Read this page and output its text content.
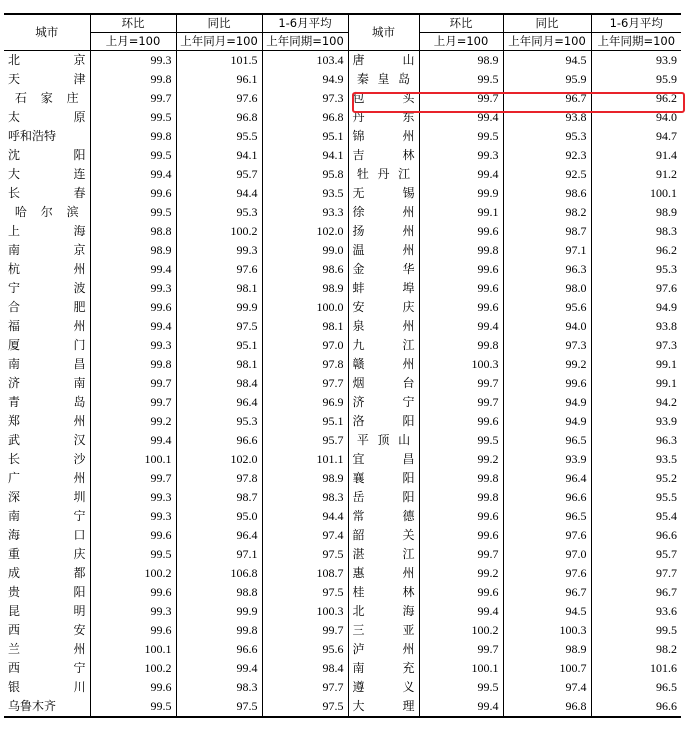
城市	环比	同比	1-6月平均	城市	环比	同比	1-6月平均
	上月=100	上年同月=100	上年同期=100		上月=100	上年同月=100	上年同期=100

北 京	99.3	101.5	103.4	唐 山	98.9	94.5	93.9

天 津	99.8	96.1	94.9	秦 皇 岛	99.5	95.9	95.9

石 家 庄	99.7	97.6	97.3	包 头	99.7	96.7	96.2

太 原	99.5	96.8	96.8	丹 东	99.4	93.8	94.0

呼和浩特	99.8	95.5	95.1	锦 州	99.5	95.3	94.7

沈 阳	99.5	94.1	94.1	吉 林	99.3	92.3	91.4

大 连	99.4	95.7	95.8	牡 丹 江	99.4	92.5	91.2

长 春	99.6	94.4	93.5	无 锡	99.9	98.6	100.1

哈 尔 滨	99.5	95.3	93.3	徐 州	99.1	98.2	98.9

上 海	98.8	100.2	102.0	扬 州	99.6	98.7	98.3

南 京	98.9	99.3	99.0	温 州	99.8	97.1	96.2

杭 州	99.4	97.6	98.6	金 华	99.6	96.3	95.3

宁 波	99.3	98.1	98.9	蚌 埠	99.6	98.0	97.6

合 肥	99.6	99.9	100.0	安 庆	99.6	95.6	94.9

福 州	99.4	97.5	98.1	泉 州	99.4	94.0	93.8

厦 门	99.3	95.1	97.0	九 江	99.8	97.3	97.3

南 昌	99.8	98.1	97.8	赣 州	100.3	99.2	99.1

济 南	99.7	98.4	97.7	烟 台	99.7	99.6	99.1

青 岛	99.7	96.4	96.9	济 宁	99.7	94.9	94.2

郑 州	99.2	95.3	95.1	洛 阳	99.6	94.9	93.9

武 汉	99.4	96.6	95.7	平 顶 山	99.5	96.5	96.3

长 沙	100.1	102.0	101.1	宜 昌	99.2	93.9	93.5

广 州	99.7	97.8	98.9	襄 阳	99.8	96.4	95.2

深 圳	99.3	98.7	98.3	岳 阳	99.8	96.6	95.5

南 宁	99.3	95.0	94.4	常 德	99.6	96.5	95.4

海 口	99.6	96.4	97.4	韶 关	99.6	97.6	96.6

重 庆	99.5	97.1	97.5	湛 江	99.7	97.0	95.7

成 都	100.2	106.8	108.7	惠 州	99.2	97.6	97.7

贵 阳	99.6	98.8	97.5	桂 林	99.6	96.7	96.7

昆 明	99.3	99.9	100.3	北 海	99.4	94.5	93.6

西 安	99.6	99.8	99.7	三 亚	100.2	100.3	99.5

兰 州	100.1	96.6	95.6	泸 州	99.7	98.9	98.2

西 宁	100.2	99.4	98.4	南 充	100.1	100.7	101.6

银 川	99.6	98.3	97.7	遵 义	99.5	97.4	96.5

乌鲁木齐	99.5	97.5	97.5	大 理	99.4	96.8	96.6
